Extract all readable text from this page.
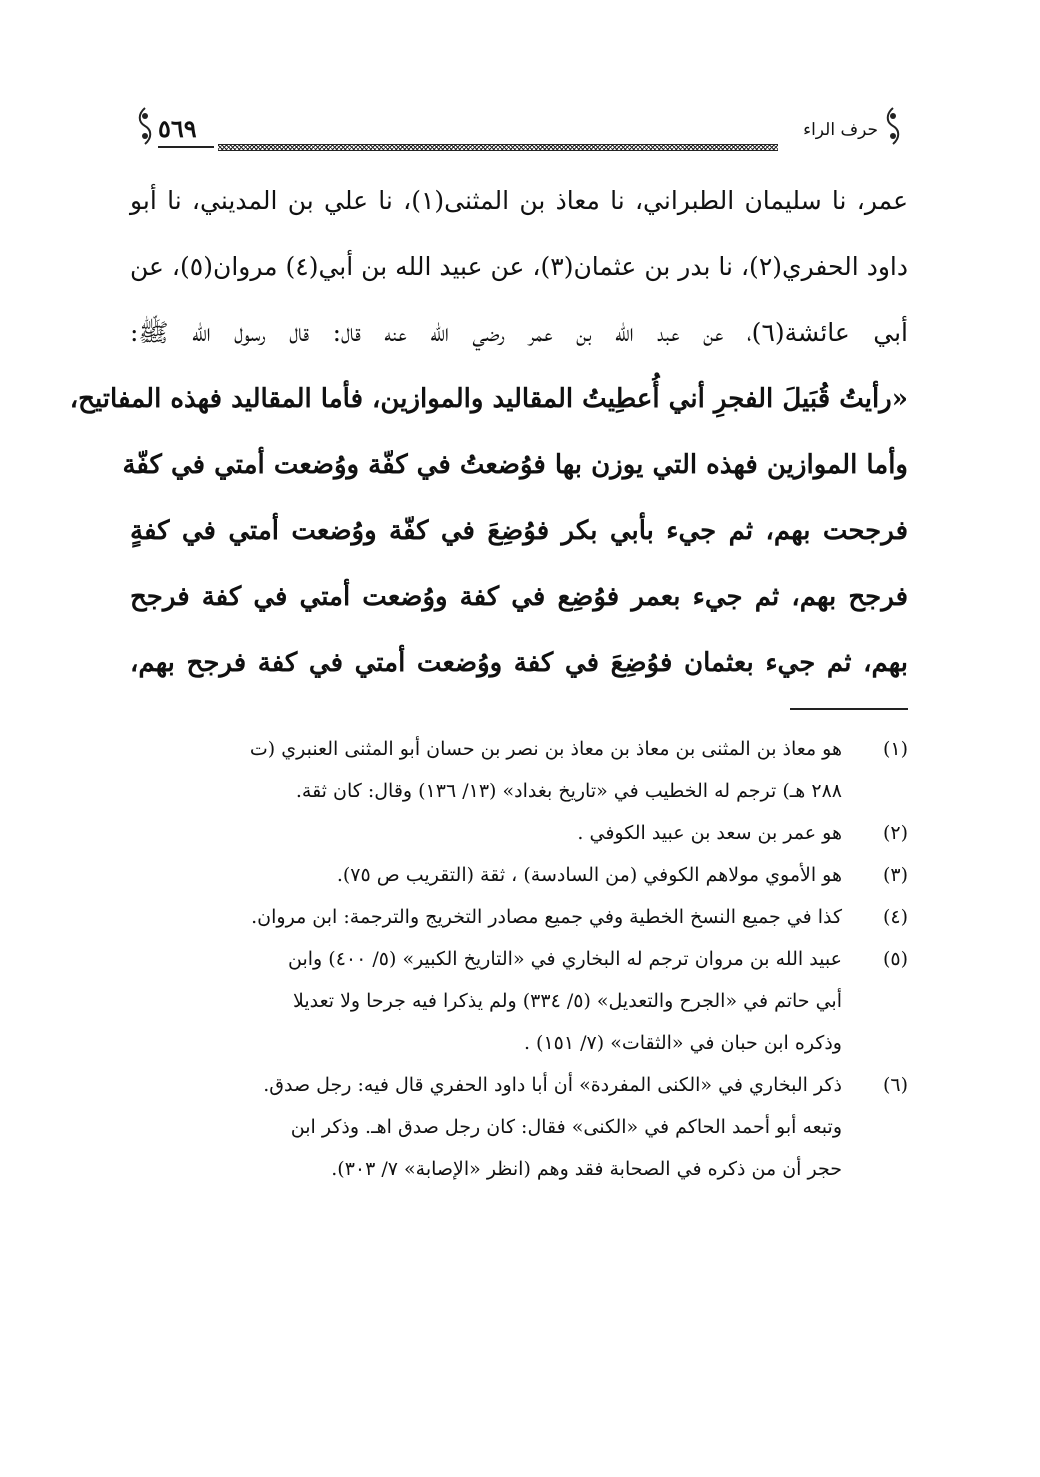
حرف الراء
٥٦٩
عمر، نا سليمان الطبراني، نا معاذ بن المثنى(١)، نا علي بن المديني، نا أبو
داود الحفري(٢)، نا بدر بن عثمان(٣)، عن عبيد الله بن أبي(٤) مروان(٥)، عن
أبي عائشة(٦)، عن عبد الله بن عمر رضي الله عنه قال: قال رسول الله ﷺ:
«رأيتُ قُبَيلَ الفجرِ أني أُعطِيتُ المقاليد والموازين، فأما المقاليد فهذه المفاتيح،
وأما الموازين فهذه التي يوزن بها فوُضعتُ في كفّة ووُضعت أمتي في كفّة
فرجحت بهم، ثم جيء بأبي بكر فوُضِعَ في كفّة ووُضعت أمتي في كفةٍ
فرجح بهم، ثم جيء بعمر فوُضِع في كفة ووُضعت أمتي في كفة فرجح
بهم، ثم جيء بعثمان فوُضِعَ في كفة ووُضعت أمتي في كفة فرجح بهم،
(١)
هو معاذ بن المثنى بن معاذ بن معاذ بن نصر بن حسان أبو المثنى العنبري (ت
٢٨٨ هـ) ترجم له الخطيب في «تاريخ بغداد» (١٣/ ١٣٦) وقال: كان ثقة.
(٢)
هو عمر بن سعد بن عبيد الكوفي .
(٣)
هو الأموي مولاهم الكوفي (من السادسة) ، ثقة (التقريب ص ٧٥).
(٤)
كذا في جميع النسخ الخطية وفي جميع مصادر التخريج والترجمة: ابن مروان.
(٥)
عبيد الله بن مروان ترجم له البخاري في «التاريخ الكبير» (٥/ ٤٠٠) وابن
أبي حاتم في «الجرح والتعديل» (٥/ ٣٣٤) ولم يذكرا فيه جرحا ولا تعديلا
وذكره ابن حبان في «الثقات» (٧/ ١٥١) .
(٦)
ذكر البخاري في «الكنى المفردة» أن أبا داود الحفري قال فيه: رجل صدق.
وتبعه أبو أحمد الحاكم في «الكنى» فقال: كان رجل صدق اهـ. وذكر ابن
حجر أن من ذكره في الصحابة فقد وهم (انظر «الإصابة» ٧/ ٣٠٣).
